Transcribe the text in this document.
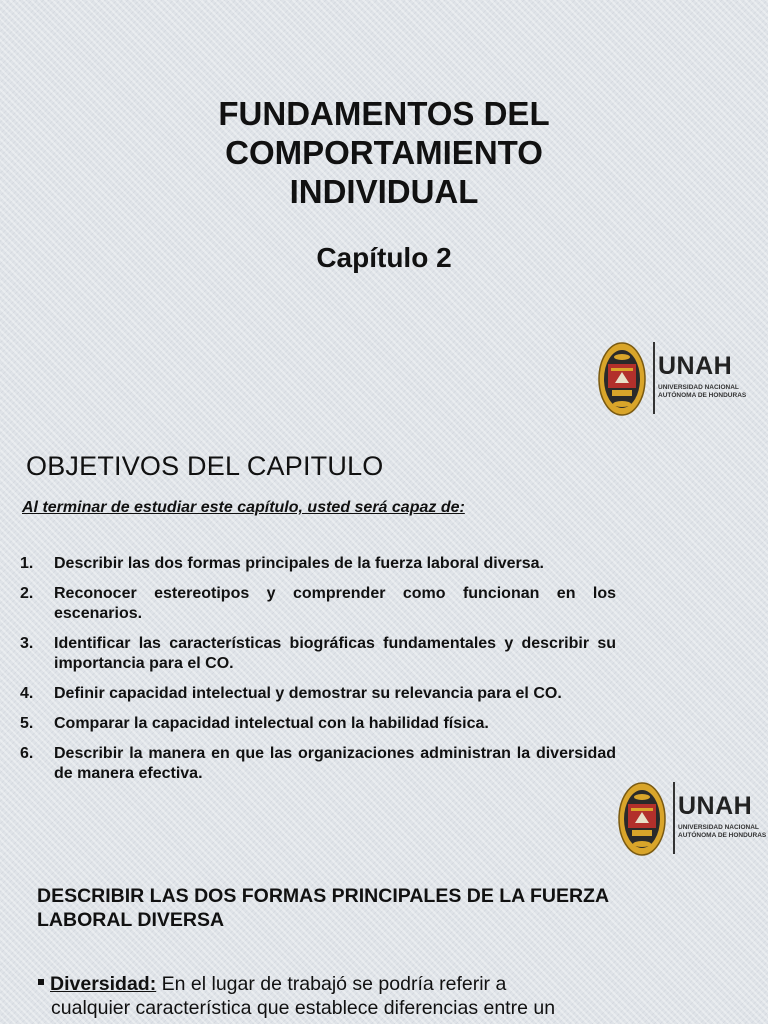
FUNDAMENTOS DEL
COMPORTAMIENTO
INDIVIDUAL
Capítulo 2
UNAH
UNIVERSIDAD NACIONAL
AUTÓNOMA DE HONDURAS
OBJETIVOS DEL CAPITULO

Al terminar de estudiar este capítulo, usted será capaz de:

1. Describir las dos formas principales de la fuerza laboral diversa.
2. Reconocer estereotipos y comprender como funcionan en los escenarios.
3. Identificar las características biográficas fundamentales y describir su importancia para el CO.
4. Definir capacidad intelectual y demostrar su relevancia para el CO.
5. Comparar la capacidad intelectual con la habilidad física.
6. Describir la manera en que las organizaciones administran la diversidad de manera efectiva.
UNAH
UNIVERSIDAD NACIONAL
AUTÓNOMA DE HONDURAS
DESCRIBIR LAS DOS FORMAS PRINCIPALES DE LA FUERZA LABORAL DIVERSA

Diversidad: En el lugar de trabajó se podría referir a
cualquier característica que establece diferencias entre un
